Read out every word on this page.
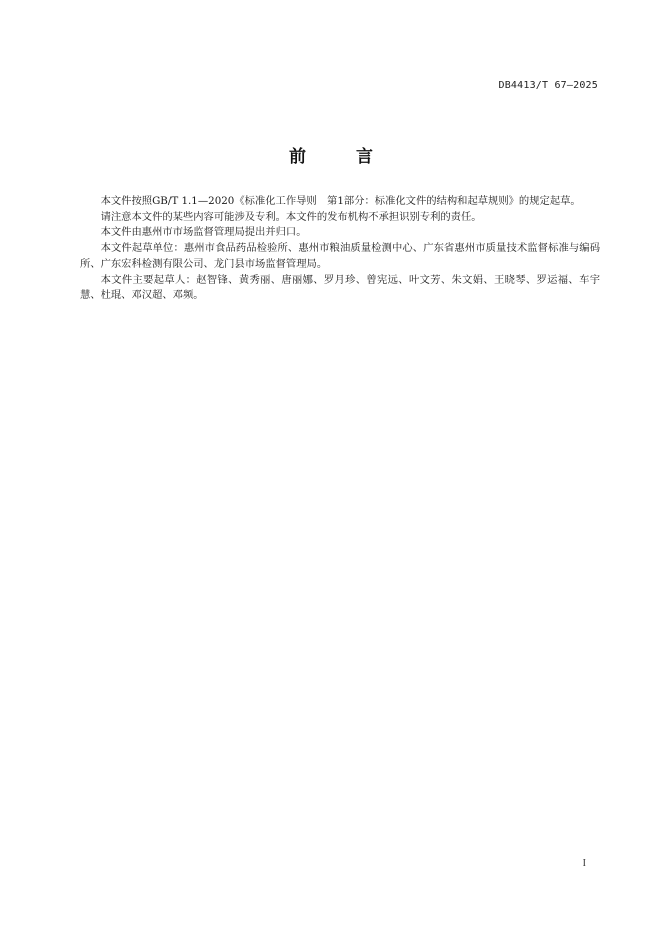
DB4413/T 67—2025
前 言

本文件按照GB/T 1.1—2020《标准化工作导则　第1部分：标准化文件的结构和起草规则》的规定起草。

请注意本文件的某些内容可能涉及专利。本文件的发布机构不承担识别专利的责任。

本文件由惠州市市场监督管理局提出并归口。

本文件起草单位：惠州市食品药品检验所、惠州市粮油质量检测中心、广东省惠州市质量技术监督标准与编码所、广东宏科检测有限公司、龙门县市场监督管理局。

本文件主要起草人：赵智锋、黄秀丽、唐丽娜、罗月珍、曾宪远、叶文芳、朱文娟、王晓琴、罗运福、车宇慧、杜琨、邓汉超、邓频。

I
